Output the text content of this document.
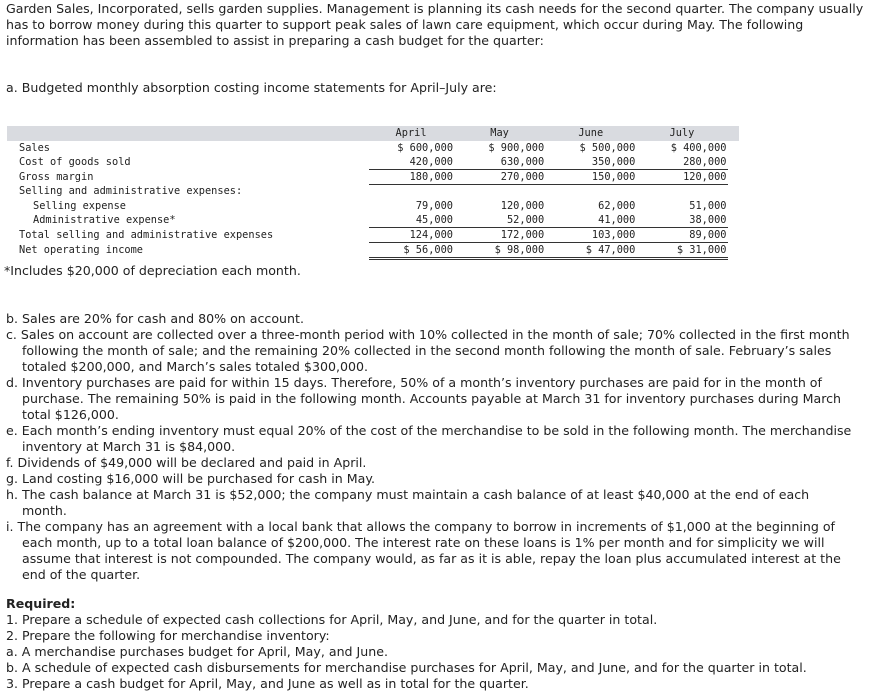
Garden Sales, Incorporated, sells garden supplies. Management is planning its cash needs for the second quarter. The company usually has to borrow money during this quarter to support peak sales of lawn care equipment, which occur during May. The following information has been assembled to assist in preparing a cash budget for the quarter:
a. Budgeted monthly absorption costing income statements for April–July are:
	April	May	June	July	
Sales	$ 600,000	$ 900,000	$ 500,000	$ 400,000	
Cost of goods sold	420,000	630,000	350,000	280,000	
Gross margin	180,000	270,000	150,000	120,000	
Selling and administrative expenses:					
Selling expense	79,000	120,000	62,000	51,000	
Administrative expense*	45,000	52,000	41,000	38,000	
Total selling and administrative expenses	124,000	172,000	103,000	89,000	
Net operating income	$ 56,000	$ 98,000	$ 47,000	$ 31,000	
*Includes $20,000 of depreciation each month.
b. Sales are 20% for cash and 80% on account.
c. Sales on account are collected over a three-month period with 10% collected in the month of sale; 70% collected in the first month following the month of sale; and the remaining 20% collected in the second month following the month of sale. February’s sales totaled $200,000, and March’s sales totaled $300,000.
d. Inventory purchases are paid for within 15 days. Therefore, 50% of a month’s inventory purchases are paid for in the month of purchase. The remaining 50% is paid in the following month. Accounts payable at March 31 for inventory purchases during March total $126,000.
e. Each month’s ending inventory must equal 20% of the cost of the merchandise to be sold in the following month. The merchandise inventory at March 31 is $84,000.
f. Dividends of $49,000 will be declared and paid in April.
g. Land costing $16,000 will be purchased for cash in May.
h. The cash balance at March 31 is $52,000; the company must maintain a cash balance of at least $40,000 at the end of each month.
i. The company has an agreement with a local bank that allows the company to borrow in increments of $1,000 at the beginning of each month, up to a total loan balance of $200,000. The interest rate on these loans is 1% per month and for simplicity we will assume that interest is not compounded. The company would, as far as it is able, repay the loan plus accumulated interest at the end of the quarter.
Required:
1. Prepare a schedule of expected cash collections for April, May, and June, and for the quarter in total.
2. Prepare the following for merchandise inventory:
a. A merchandise purchases budget for April, May, and June.
b. A schedule of expected cash disbursements for merchandise purchases for April, May, and June, and for the quarter in total.
3. Prepare a cash budget for April, May, and June as well as in total for the quarter.
